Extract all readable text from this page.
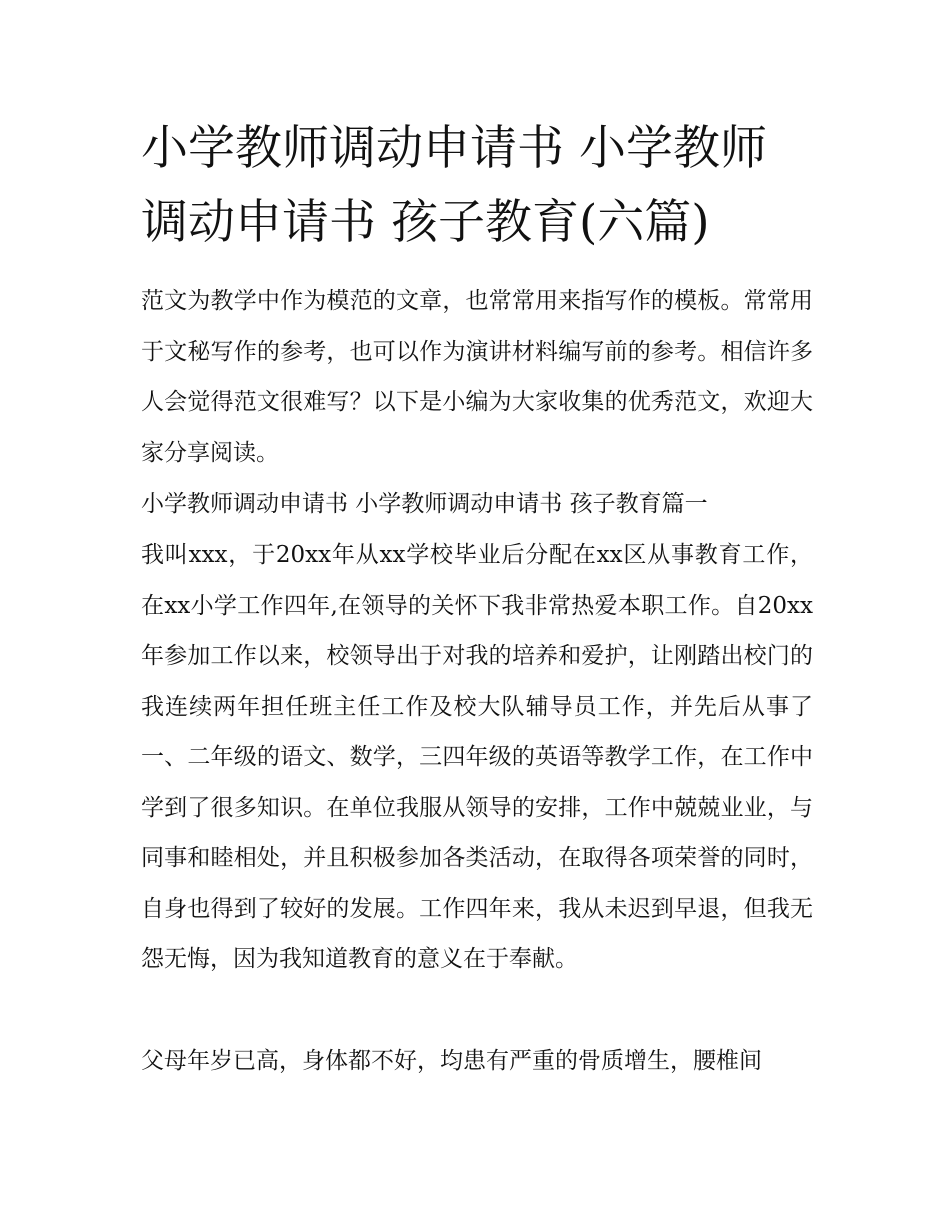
小学教师调动申请书 小学教师调动申请书 孩子教育(六篇)

范文为教学中作为模范的文章，也常常用来指写作的模板。常常用于文秘写作的参考，也可以作为演讲材料编写前的参考。相信许多人会觉得范文很难写？以下是小编为大家收集的优秀范文，欢迎大家分享阅读。

小学教师调动申请书 小学教师调动申请书 孩子教育篇一

我叫xxx，于20xx年从xx学校毕业后分配在xx区从事教育工作，在xx小学工作四年,在领导的关怀下我非常热爱本职工作。自20xx年参加工作以来，校领导出于对我的培养和爱护，让刚踏出校门的我连续两年担任班主任工作及校大队辅导员工作，并先后从事了一、二年级的语文、数学，三四年级的英语等教学工作，在工作中学到了很多知识。在单位我服从领导的安排，工作中兢兢业业，与同事和睦相处，并且积极参加各类活动，在取得各项荣誉的同时，自身也得到了较好的发展。工作四年来，我从未迟到早退，但我无怨无悔，因为我知道教育的意义在于奉献。

父母年岁已高，身体都不好，均患有严重的骨质增生，腰椎间
